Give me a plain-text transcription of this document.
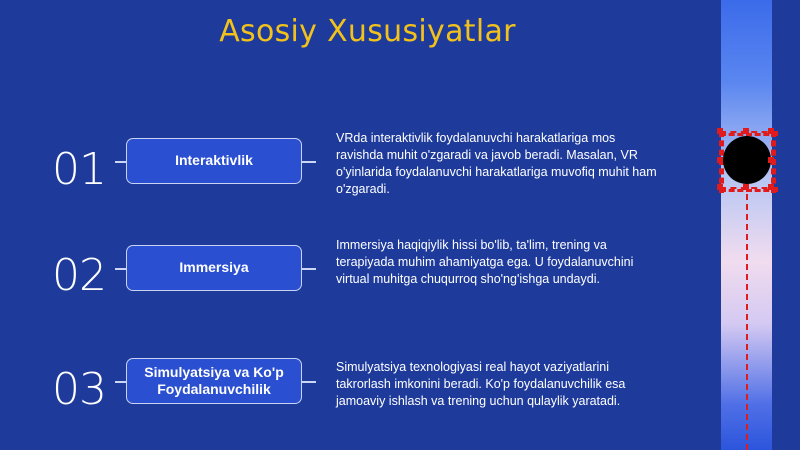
Asosiy Xususiyatlar
01	Interaktivlik
VRda interaktivlik foydalanuvchi harakatlariga mos ravishda muhit o'zgaradi va javob beradi. Masalan, VR o'yinlarida foydalanuvchi harakatlariga muvofiq muhit ham o'zgaradi.
02	Immersiya
Immersiya haqiqiylik hissi bo'lib, ta'lim, trening va terapiyada muhim ahamiyatga ega. U foydalanuvchini virtual muhitga chuqurroq sho'ng'ishga undaydi.
03	Simulyatsiya va Ko'p Foydalanuvchilik
Simulyatsiya texnologiyasi real hayot vaziyatlarini takrorlash imkonini beradi. Ko'p foydalanuvchilik esa jamoaviy ishlash va trening uchun qulaylik yaratadi.
